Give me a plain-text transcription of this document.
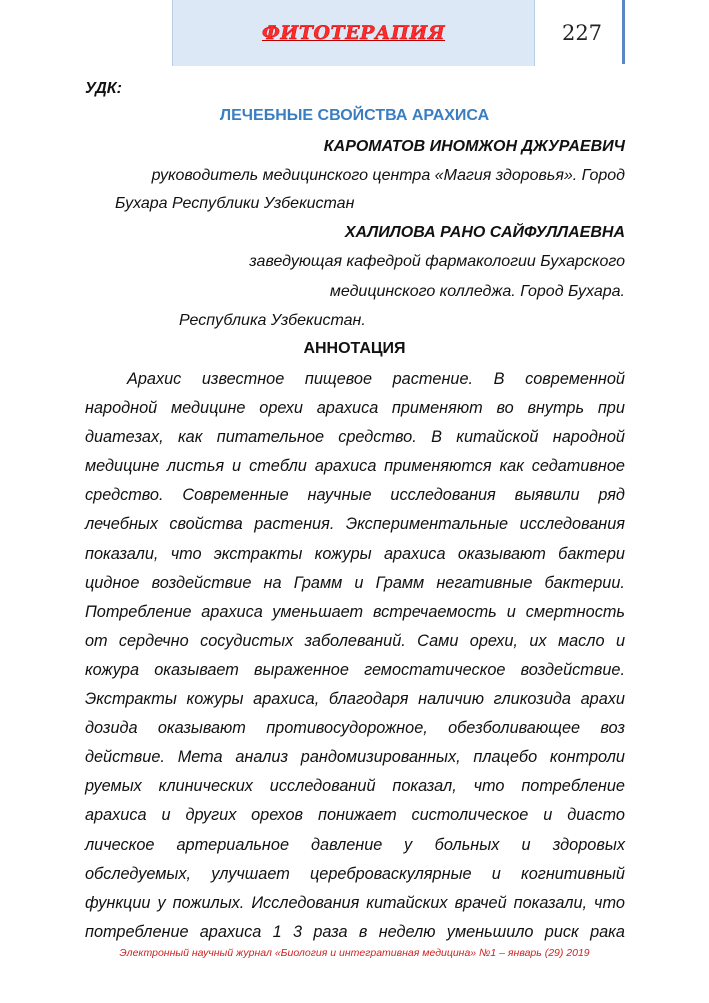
ФИТОТЕРАПИЯ	227
УДК:
ЛЕЧЕБНЫЕ СВОЙСТВА АРАХИСА
КАРОМАТОВ ИНОМЖОН ДЖУРАЕВИЧ
руководитель медицинского центра «Магия здоровья». Город
Бухара Республики Узбекистан
ХАЛИЛОВА РАНО САЙФУЛЛАЕВНА
заведующая кафедрой фармакологии Бухарского
медицинского колледжа. Город Бухара.
Республика Узбекистан.
АННОТАЦИЯ
Арахис известное пищевое растение. В современной
народной медицине орехи арахиса применяют во внутрь при
диатезах, как питательное средство. В китайской народной
медицине листья и стебли арахиса применяются как седативное
средство. Современные научные исследования выявили ряд
лечебных свойства растения. Экспериментальные исследования
показали, что экстракты кожуры арахиса оказывают бактери
цидное воздействие на Грамм и Грамм негативные бактерии.
Потребление арахиса уменьшает встречаемость и смертность
от сердечно сосудистых заболеваний. Сами орехи, их масло и
кожура оказывает выраженное гемостатическое воздействие.
Экстракты кожуры арахиса, благодаря наличию гликозида арахи
дозида оказывают противосудорожное, обезболивающее воз
действие. Мета анализ рандомизированных, плацебо контроли
руемых клинических исследований показал, что потребление
арахиса и других орехов понижает систолическое и диасто
лическое артериальное давление у больных и здоровых
обследуемых, улучшает цереброваскулярные и когнитивный
функции у пожилых. Исследования китайских врачей показали, что
потребление арахиса 1 3 раза в неделю уменьшило риск рака
Электронный научный журнал «Биология и интегративная медицина» №1 – январь (29) 2019
